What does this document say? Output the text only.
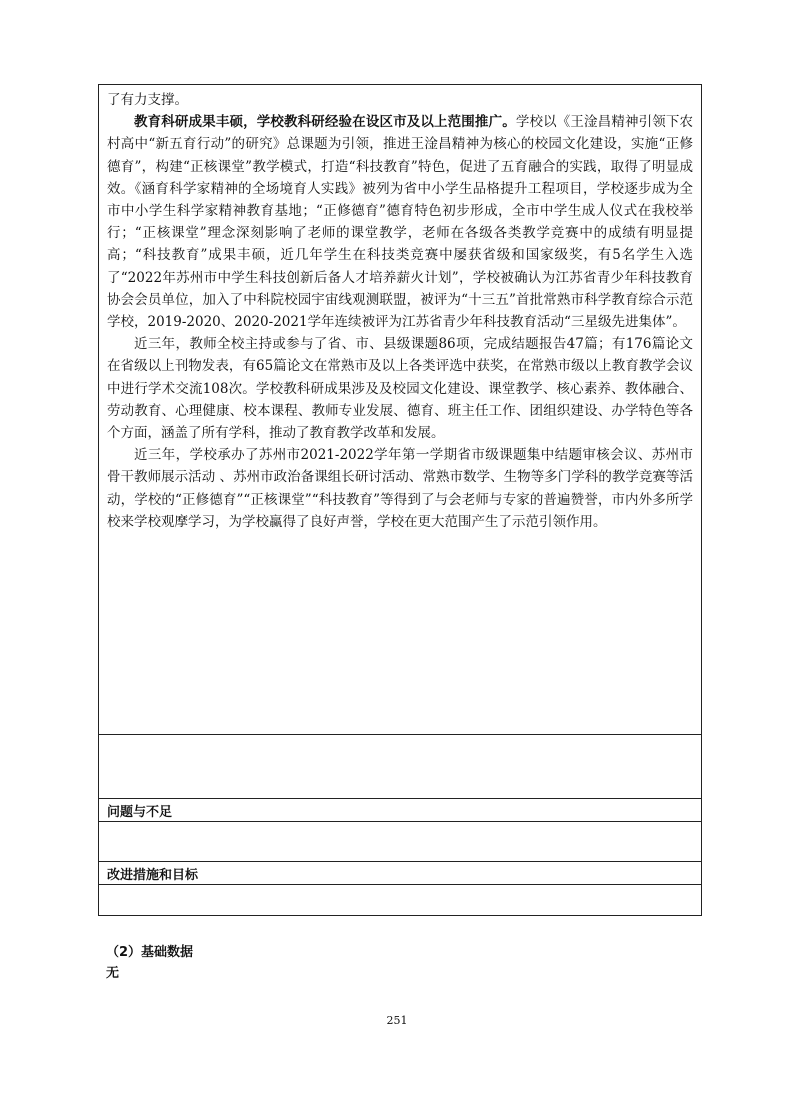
了有力支撑。

教育科研成果丰硕，学校教科研经验在设区市及以上范围推广。学校以《王淦昌精神引领下农村高中“新五育行动”的研究》总课题为引领，推进王淦昌精神为核心的校园文化建设，实施“正修德育”，构建“正核课堂”教学模式，打造“科技教育”特色，促进了五育融合的实践，取得了明显成效。《涵育科学家精神的全场境育人实践》被列为省中小学生品格提升工程项目，学校逐步成为全市中小学生科学家精神教育基地；“正修德育”德育特色初步形成，全市中学生成人仪式在我校举行；“正核课堂”理念深刻影响了老师的课堂教学，老师在各级各类教学竞赛中的成绩有明显提高；“科技教育”成果丰硕，近几年学生在科技类竞赛中屡获省级和国家级奖，有5名学生入选了“2022年苏州市中学生科技创新后备人才培养薪火计划”，学校被确认为江苏省青少年科技教育协会会员单位，加入了中科院校园宇宙线观测联盟，被评为“十三五”首批常熟市科学教育综合示范学校，2019-2020、2020-2021学年连续被评为江苏省青少年科技教育活动“三星级先进集体”。

近三年，教师全校主持或参与了省、市、县级课题86项，完成结题报告47篇；有176篇论文在省级以上刊物发表，有65篇论文在常熟市及以上各类评选中获奖，在常熟市级以上教育教学会议中进行学术交流108次。学校教科研成果涉及及校园文化建设、课堂教学、核心素养、教体融合、劳动教育、心理健康、校本课程、教师专业发展、德育、班主任工作、团组织建设、办学特色等各个方面，涵盖了所有学科，推动了教育教学改革和发展。

近三年，学校承办了苏州市2021-2022学年第一学期省市级课题集中结题审核会议、苏州市骨干教师展示活动 、苏州市政治备课组长研讨活动、常熟市数学、生物等多门学科的教学竞赛等活动，学校的“正修德育”“正核课堂”“科技教育”等得到了与会老师与专家的普遍赞誉，市内外多所学校来学校观摩学习，为学校赢得了良好声誉，学校在更大范围产生了示范引领作用。

问题与不足
改进措施和目标
（2）基础数据
无
251
